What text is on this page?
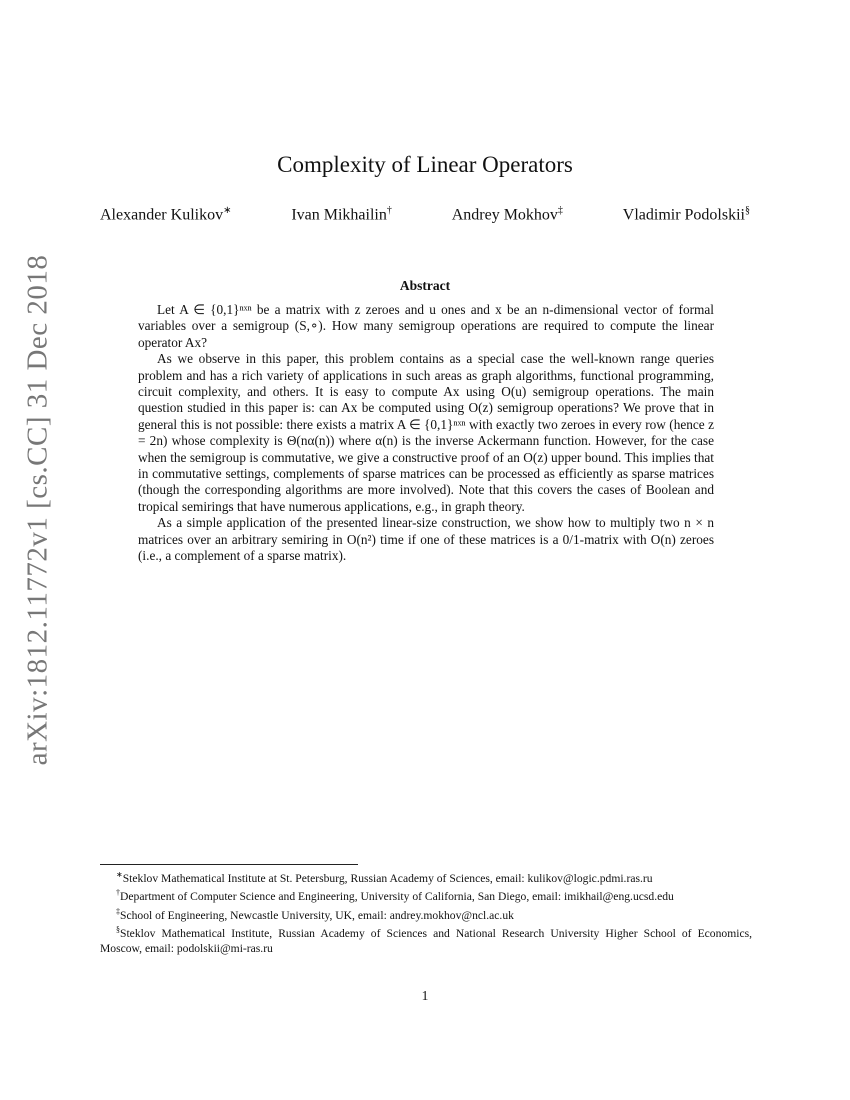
arXiv:1812.11772v1 [cs.CC] 31 Dec 2018
Complexity of Linear Operators
Alexander Kulikov∗	Ivan Mikhailin†	Andrey Mokhov‡	Vladimir Podolskii§
Abstract

Let A ∈ {0,1}ⁿˣⁿ be a matrix with z zeroes and u ones and x be an n-dimensional vector of formal variables over a semigroup (S,∘). How many semigroup operations are required to compute the linear operator Ax?

As we observe in this paper, this problem contains as a special case the well-known range queries problem and has a rich variety of applications in such areas as graph algorithms, functional programming, circuit complexity, and others. It is easy to compute Ax using O(u) semigroup operations. The main question studied in this paper is: can Ax be computed using O(z) semigroup operations? We prove that in general this is not possible: there exists a matrix A ∈ {0,1}ⁿˣⁿ with exactly two zeroes in every row (hence z = 2n) whose complexity is Θ(nα(n)) where α(n) is the inverse Ackermann function. However, for the case when the semigroup is commutative, we give a constructive proof of an O(z) upper bound. This implies that in commutative settings, complements of sparse matrices can be processed as efficiently as sparse matrices (though the corresponding algorithms are more involved). Note that this covers the cases of Boolean and tropical semirings that have numerous applications, e.g., in graph theory.

As a simple application of the presented linear-size construction, we show how to multiply two n × n matrices over an arbitrary semiring in O(n²) time if one of these matrices is a 0/1-matrix with O(n) zeroes (i.e., a complement of a sparse matrix).

∗Steklov Mathematical Institute at St. Petersburg, Russian Academy of Sciences, email: kulikov@logic.pdmi.ras.ru

†Department of Computer Science and Engineering, University of California, San Diego, email: imikhail@eng.ucsd.edu

‡School of Engineering, Newcastle University, UK, email: andrey.mokhov@ncl.ac.uk

§Steklov Mathematical Institute, Russian Academy of Sciences and National Research University Higher School of Economics, Moscow, email: podolskii@mi-ras.ru

1
